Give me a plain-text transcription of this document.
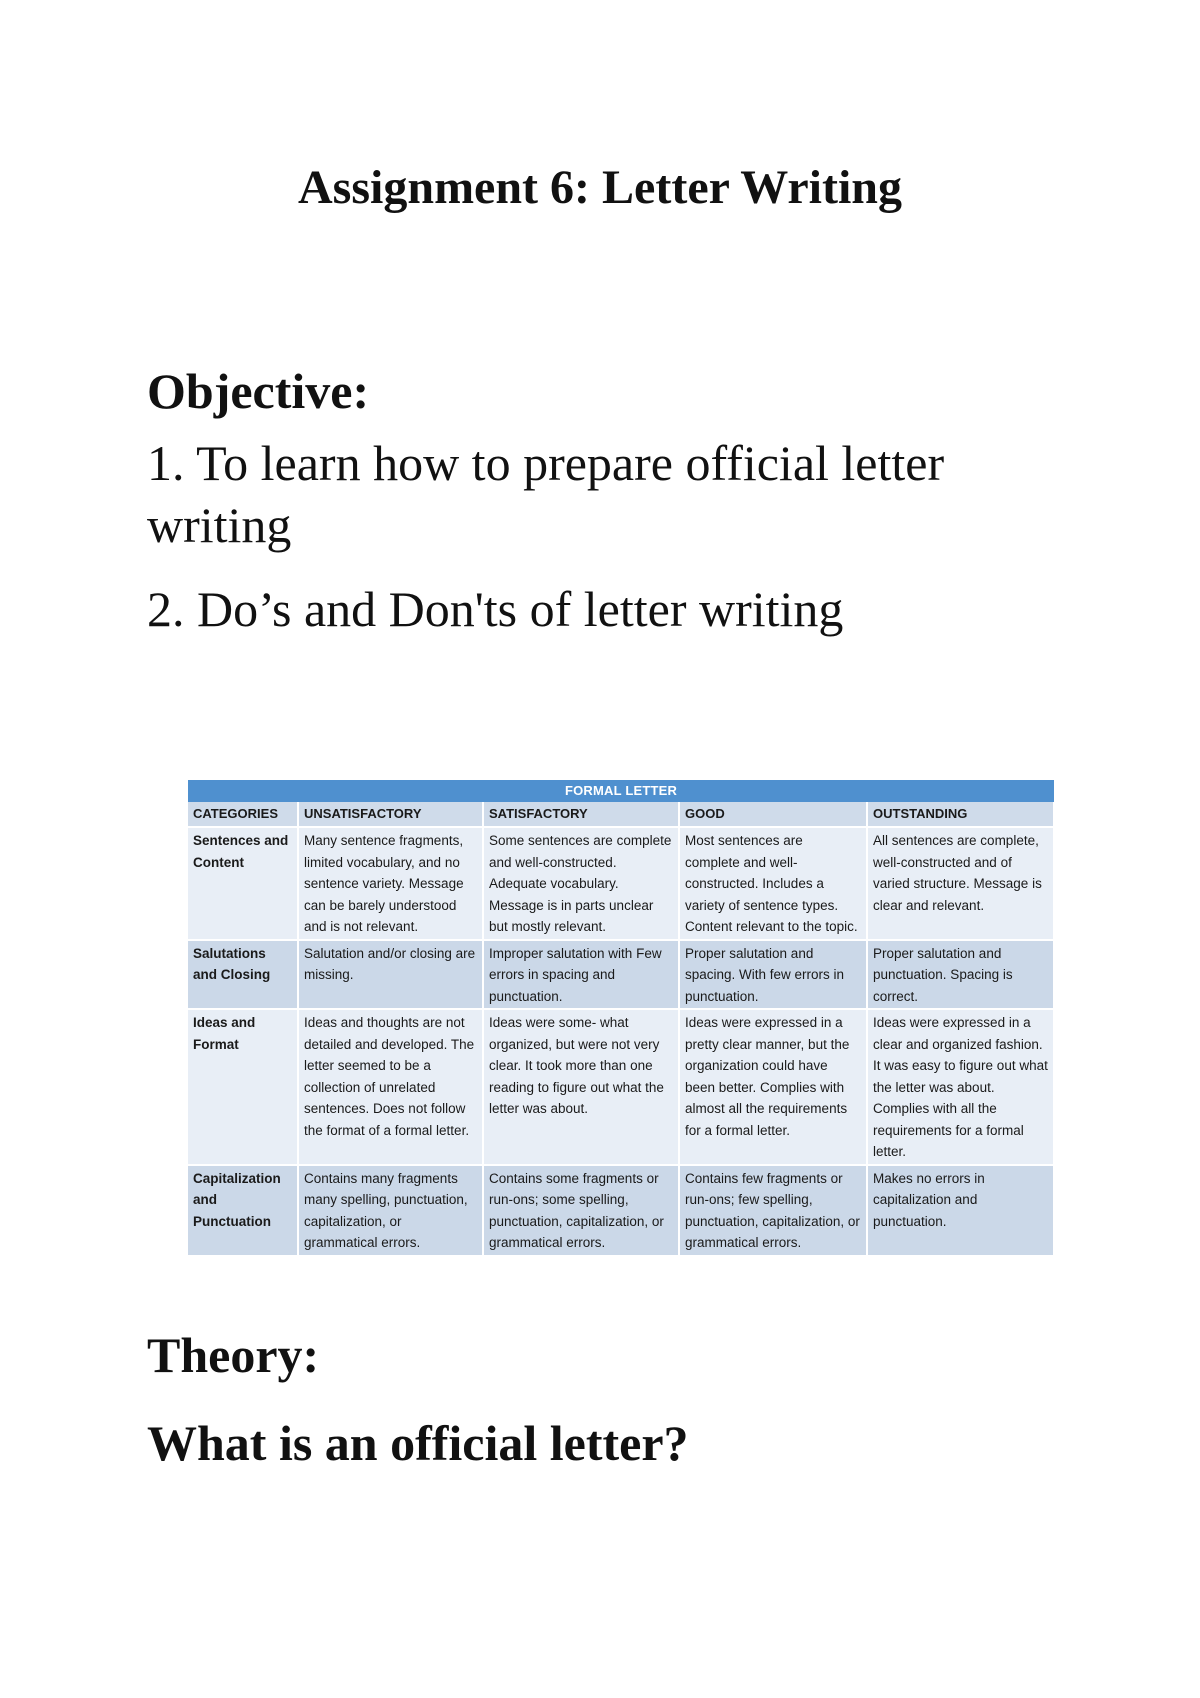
Assignment 6: Letter Writing
Objective:

1. To learn how to prepare official letter writing

2. Do’s and Don'ts of letter writing

FORMAL LETTER				
CATEGORIES	UNSATISFACTORY	SATISFACTORY	GOOD	OUTSTANDING
Sentences and Content	Many sentence fragments, limited vocabulary, and no sentence variety. Message can be barely understood and is not relevant.	Some sentences are complete and well-constructed. Adequate vocabulary. Message is in parts unclear but mostly relevant.	Most sentences are complete and well-constructed. Includes a variety of sentence types. Content relevant to the topic.	All sentences are complete, well-constructed and of varied structure. Message is clear and relevant.
Salutations and Closing	Salutation and/or closing are missing.	Improper salutation with Few errors in spacing and punctuation.	Proper salutation and spacing. With few errors in punctuation.	Proper salutation and punctuation. Spacing is correct.
Ideas and Format	Ideas and thoughts are not detailed and developed. The letter seemed to be a collection of unrelated sentences. Does not follow the format of a formal letter.	Ideas were some- what organized, but were not very clear. It took more than one reading to figure out what the letter was about.	Ideas were expressed in a pretty clear manner, but the organization could have been better. Complies with almost all the requirements for a formal letter.	Ideas were expressed in a clear and organized fashion. It was easy to figure out what the letter was about. Complies with all the requirements for a formal letter.
Capitalization and Punctuation	Contains many fragments many spelling, punctuation, capitalization, or grammatical errors.	Contains some fragments or run-ons; some spelling, punctuation, capitalization, or grammatical errors.	Contains few fragments or run-ons; few spelling, punctuation, capitalization, or grammatical errors.	Makes no errors in capitalization and punctuation.
Theory:
What is an official letter?
